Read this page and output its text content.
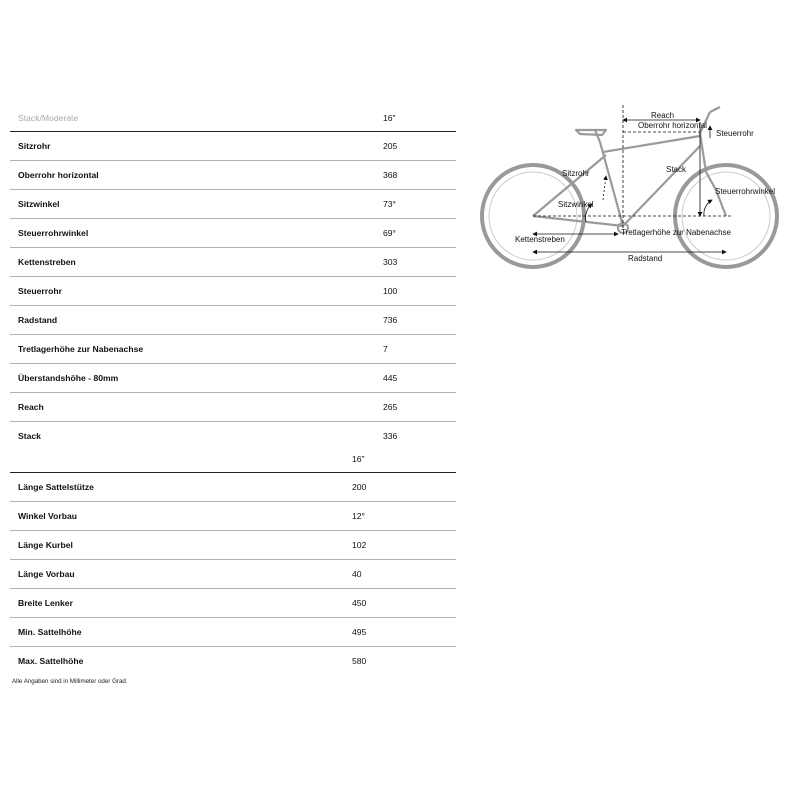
Stack/Moderate	16"
Sitzrohr	205
Oberrohr horizontal	368
Sitzwinkel	73°
Steuerrohrwinkel	69°
Kettenstreben	303
Steuerrohr	100
Radstand	736
Tretlagerhöhe zur Nabenachse	7
Überstandshöhe - 80mm	445
Reach	265
Stack	336
16"
Länge Sattelstütze	200
Winkel Vorbau	12°
Länge Kurbel	102
Länge Vorbau	40
Breite Lenker	450
Min. Sattelhöhe	495
Max. Sattelhöhe	580
Alle Angaben sind in Millimeter oder Grad.
Reach
Oberrohr horizontal
Steuerrohr
Sitzrohr	Stack
Steuerrohrwinkel
Sitzwinkel
Kettenstreben
Tretlagerhöhe zur Nabenachse
Radstand
